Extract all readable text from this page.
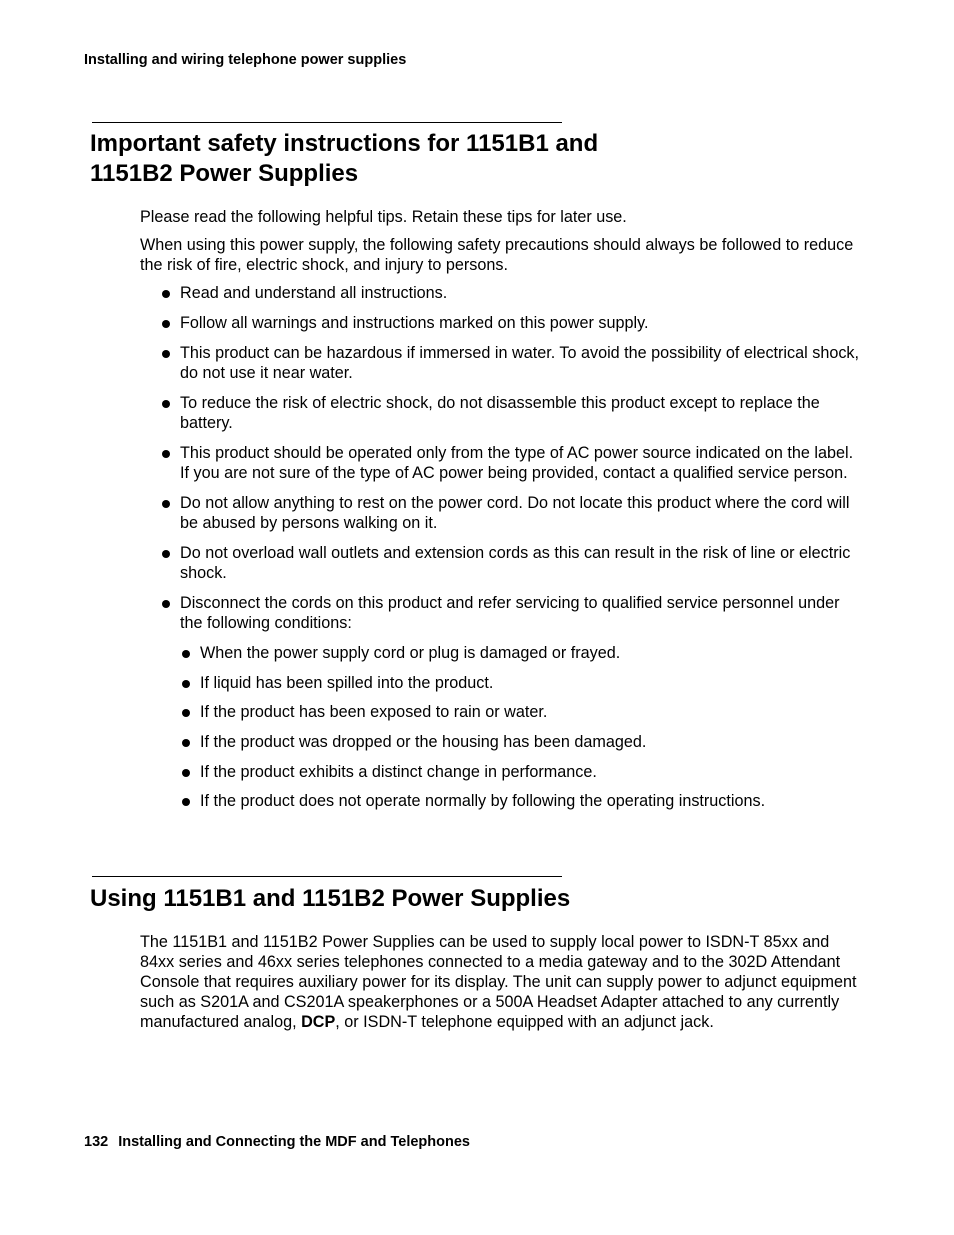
Installing and wiring telephone power supplies

Important safety instructions for 1151B1 and
1151B2 Power Supplies

Please read the following helpful tips. Retain these tips for later use.

When using this power supply, the following safety precautions should always be followed to reduce the risk of fire, electric shock, and injury to persons.

Read and understand all instructions.
Follow all warnings and instructions marked on this power supply.
This product can be hazardous if immersed in water. To avoid the possibility of electrical shock, do not use it near water.
To reduce the risk of electric shock, do not disassemble this product except to replace the battery.
This product should be operated only from the type of AC power source indicated on the label. If you are not sure of the type of AC power being provided, contact a qualified service person.
Do not allow anything to rest on the power cord. Do not locate this product where the cord will be abused by persons walking on it.
Do not overload wall outlets and extension cords as this can result in the risk of line or electric shock.
Disconnect the cords on this product and refer servicing to qualified service personnel under the following conditions:
When the power supply cord or plug is damaged or frayed.
If liquid has been spilled into the product.
If the product has been exposed to rain or water.
If the product was dropped or the housing has been damaged.
If the product exhibits a distinct change in performance.
If the product does not operate normally by following the operating instructions.
Using 1151B1 and 1151B2 Power Supplies

The 1151B1 and 1151B2 Power Supplies can be used to supply local power to ISDN-T 85xx and 84xx series and 46xx series telephones connected to a media gateway and to the 302D Attendant Console that requires auxiliary power for its display. The unit can supply power to adjunct equipment such as S201A and CS201A speakerphones or a 500A Headset Adapter attached to any currently manufactured analog, DCP, or ISDN-T telephone equipped with an adjunct jack.

132 Installing and Connecting the MDF and Telephones
